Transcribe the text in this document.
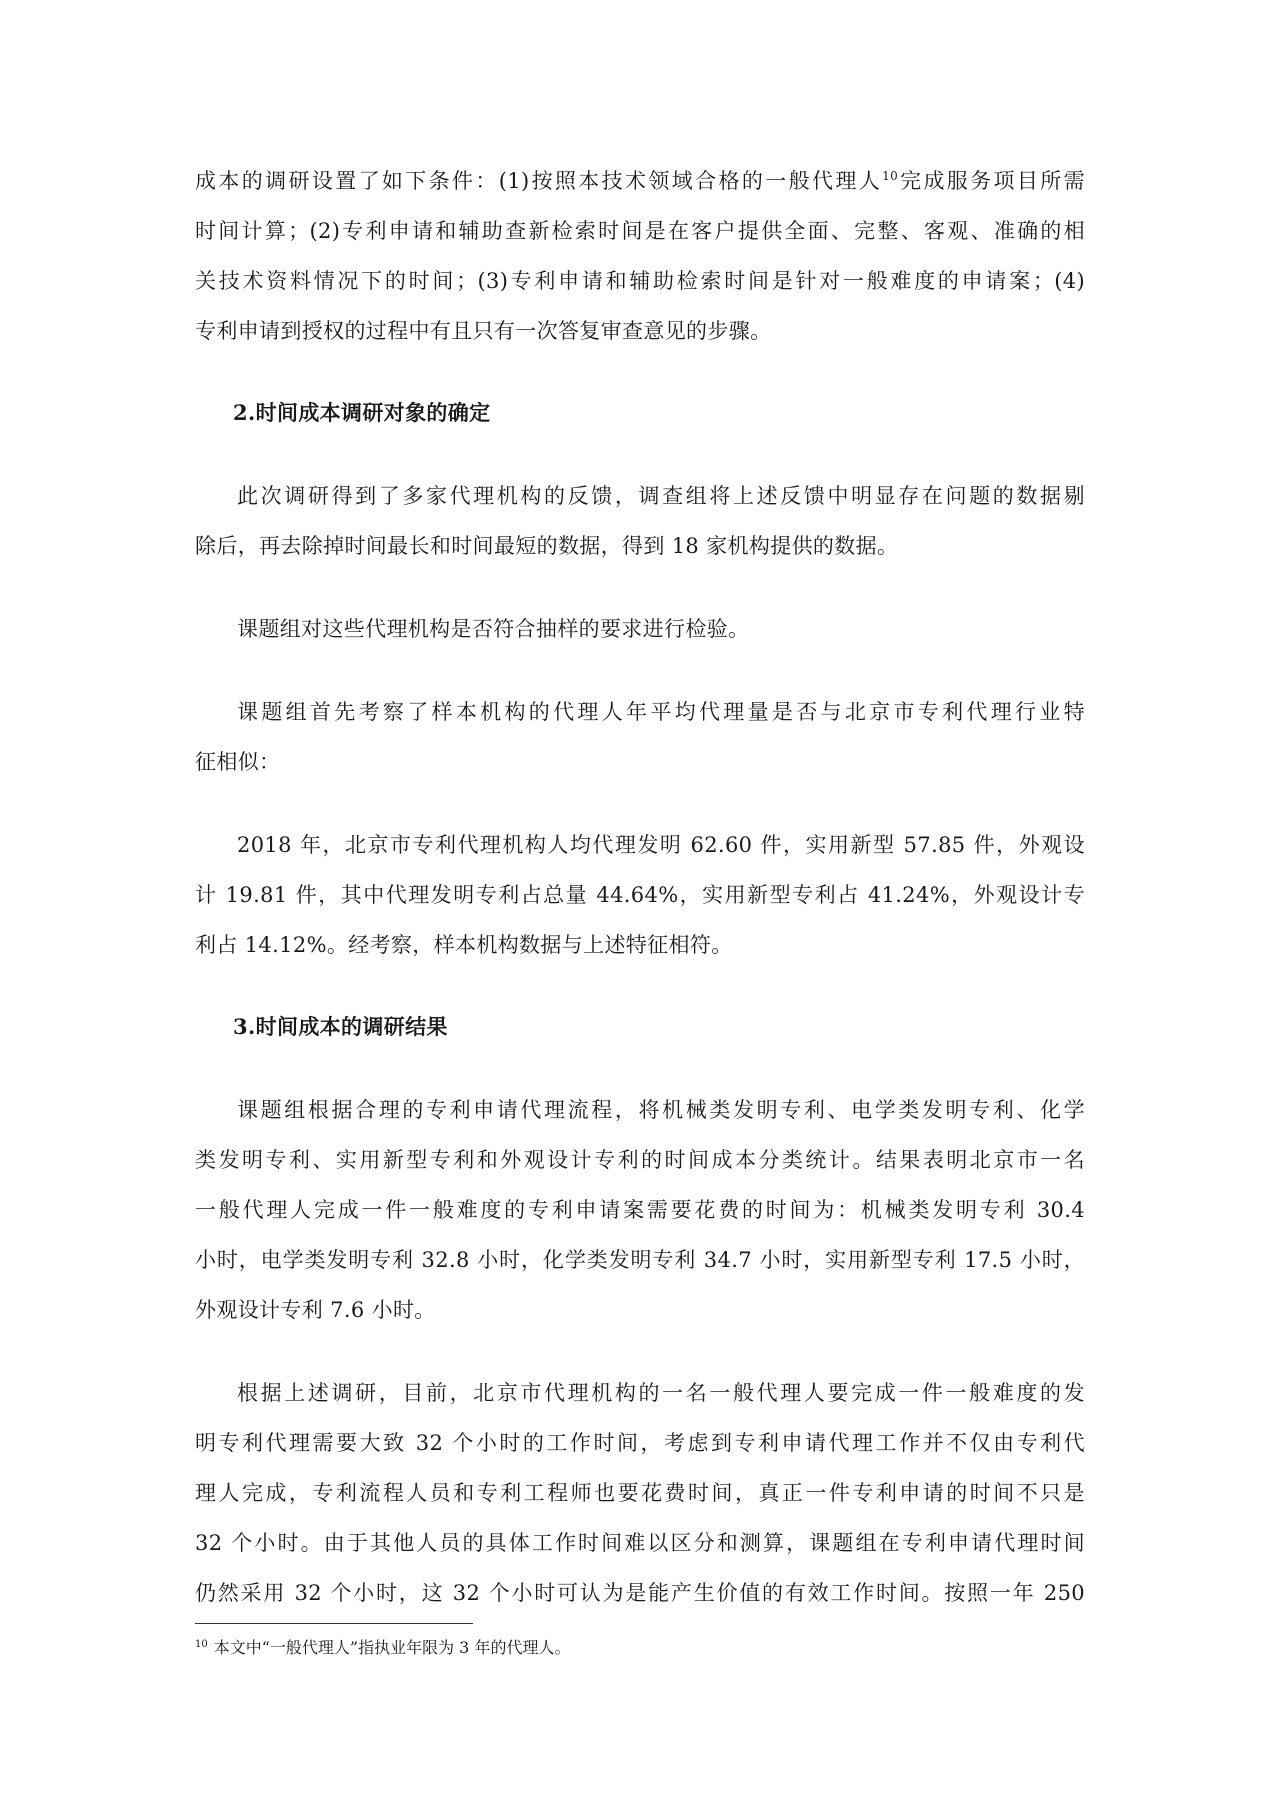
成本的调研设置了如下条件：(1)按照本技术领域合格的一般代理人$^{10}$完成服务项目所需
时间计算；(2)专利申请和辅助查新检索时间是在客户提供全面、完整、客观、准确的相
关技术资料情况下的时间；(3)专利申请和辅助检索时间是针对一般难度的申请案；(4)
专利申请到授权的过程中有且只有一次答复审查意见的步骤。
2.时间成本调研对象的确定
此次调研得到了多家代理机构的反馈，调查组将上述反馈中明显存在问题的数据剔
除后，再去除掉时间最长和时间最短的数据，得到 18 家机构提供的数据。
课题组对这些代理机构是否符合抽样的要求进行检验。
课题组首先考察了样本机构的代理人年平均代理量是否与北京市专利代理行业特
征相似：
2018 年，北京市专利代理机构人均代理发明 62.60 件，实用新型 57.85 件，外观设
计 19.81 件，其中代理发明专利占总量 44.64%，实用新型专利占 41.24%，外观设计专
利占 14.12%。经考察，样本机构数据与上述特征相符。
3.时间成本的调研结果
课题组根据合理的专利申请代理流程，将机械类发明专利、电学类发明专利、化学
类发明专利、实用新型专利和外观设计专利的时间成本分类统计。结果表明北京市一名
一般代理人完成一件一般难度的专利申请案需要花费的时间为：机械类发明专利 30.4
小时，电学类发明专利 32.8 小时，化学类发明专利 34.7 小时，实用新型专利 17.5 小时，
外观设计专利 7.6 小时。
根据上述调研，目前，北京市代理机构的一名一般代理人要完成一件一般难度的发
明专利代理需要大致 32 个小时的工作时间，考虑到专利申请代理工作并不仅由专利代
理人完成，专利流程人员和专利工程师也要花费时间，真正一件专利申请的时间不只是
32 个小时。由于其他人员的具体工作时间难以区分和测算，课题组在专利申请代理时间
仍然采用 32 个小时，这 32 个小时可认为是能产生价值的有效工作时间。按照一年 250
$^{10}$ 本文中“一般代理人”指执业年限为 3 年的代理人。
